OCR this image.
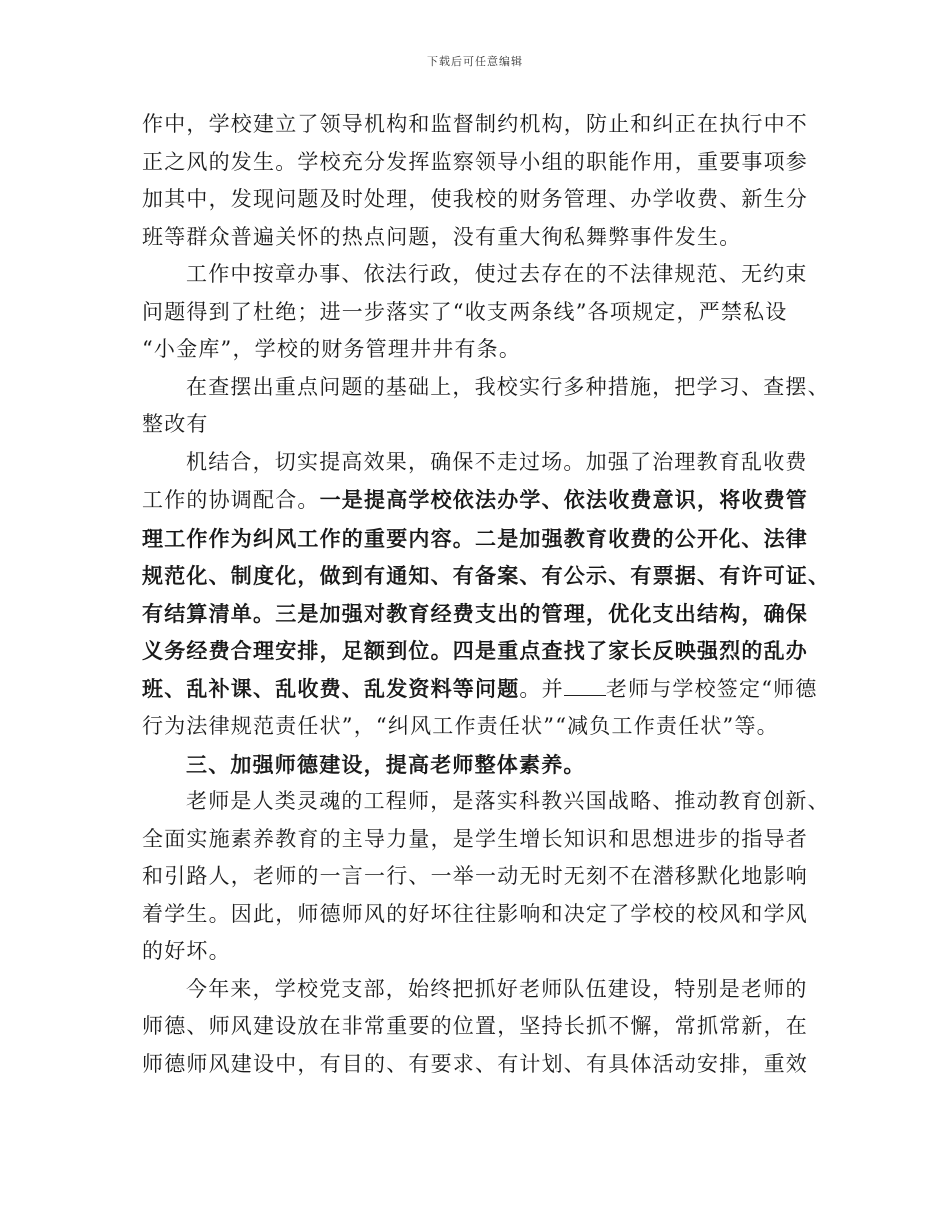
下载后可任意编辑
作中，学校建立了领导机构和监督制约机构，防止和纠正在执行中不
正之风的发生。学校充分发挥监察领导小组的职能作用，重要事项参
加其中，发现问题及时处理，使我校的财务管理、办学收费、新生分
班等群众普遍关怀的热点问题，没有重大徇私舞弊事件发生。
工作中按章办事、依法行政，使过去存在的不法律规范、无约束
问题得到了杜绝；进一步落实了“收支两条线”各项规定，严禁私设
“小金库”，学校的财务管理井井有条。
在查摆出重点问题的基础上，我校实行多种措施，把学习、查摆、
整改有
机结合，切实提高效果，确保不走过场。加强了治理教育乱收费
工作的协调配合。一是提高学校依法办学、依法收费意识，将收费管
理工作作为纠风工作的重要内容。二是加强教育收费的公开化、法律
规范化、制度化，做到有通知、有备案、有公示、有票据、有许可证、
有结算清单。三是加强对教育经费支出的管理，优化支出结构，确保
义务经费合理安排，足额到位。四是重点查找了家长反映强烈的乱办
班、乱补课、乱收费、乱发资料等问题。并 老师与学校签定“师德
行为法律规范责任状”，“纠风工作责任状”“减负工作责任状”等。
三、加强师德建设，提高老师整体素养。
老师是人类灵魂的工程师，是落实科教兴国战略、推动教育创新、
全面实施素养教育的主导力量，是学生增长知识和思想进步的指导者
和引路人，老师的一言一行、一举一动无时无刻不在潜移默化地影响
着学生。因此，师德师风的好坏往往影响和决定了学校的校风和学风
的好坏。
今年来，学校党支部，始终把抓好老师队伍建设，特别是老师的
师德、师风建设放在非常重要的位置，坚持长抓不懈，常抓常新，在
师德师风建设中，有目的、有要求、有计划、有具体活动安排，重效
